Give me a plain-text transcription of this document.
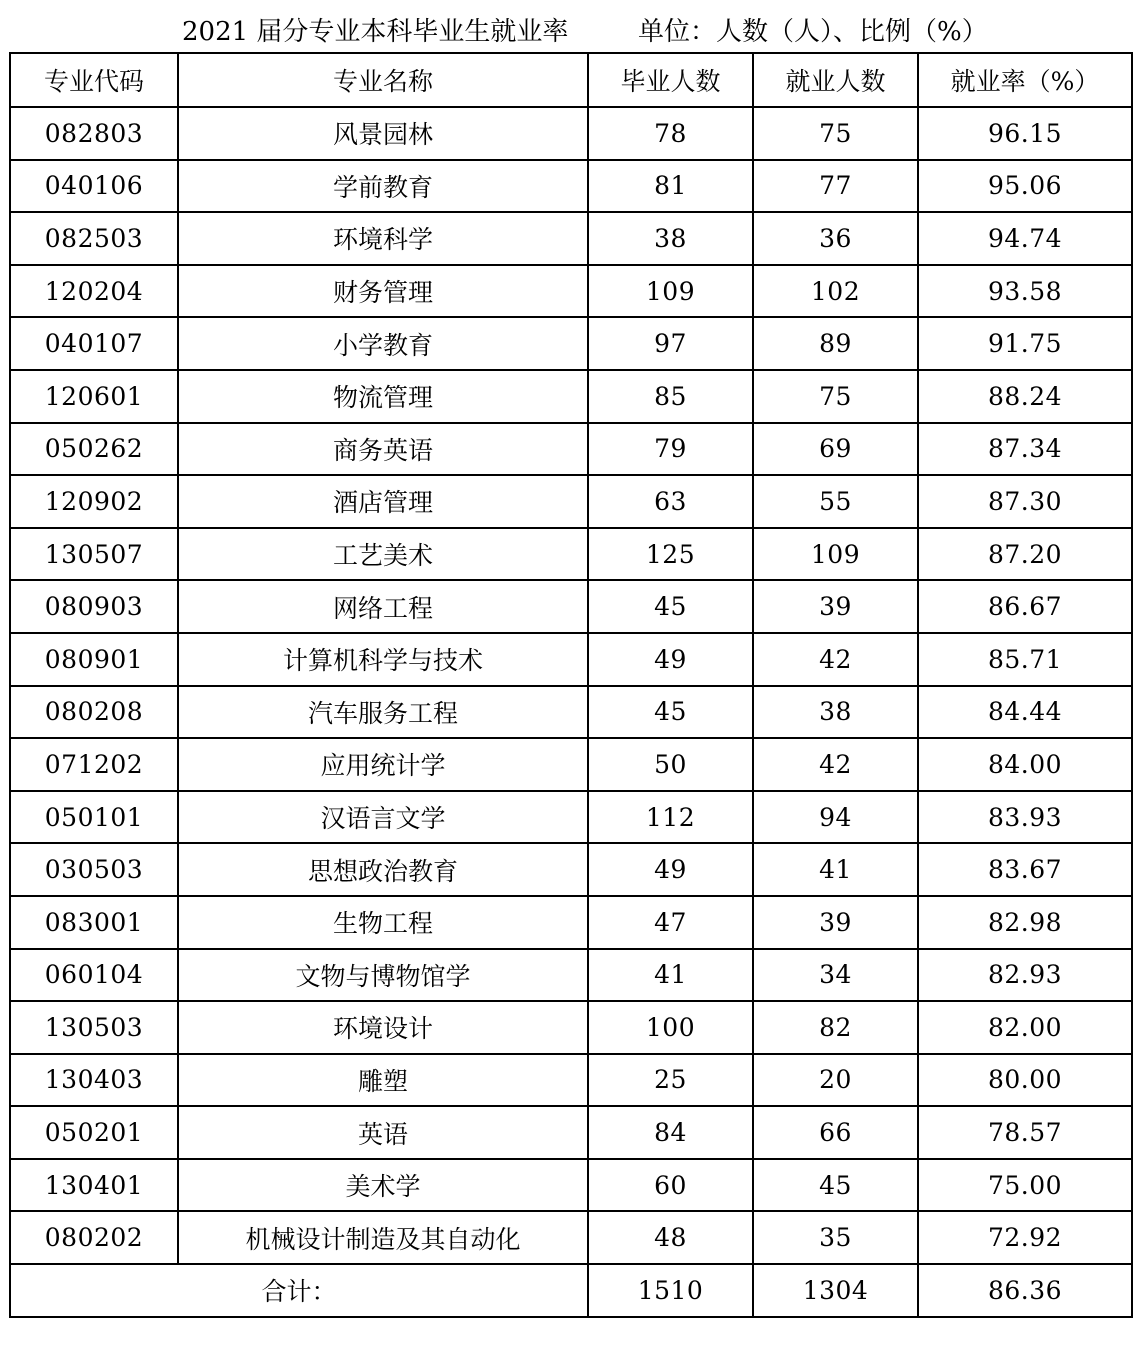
2021 届分专业本科毕业生就业率	单位：人数（人）、比例（%）
专业代码	专业名称	毕业人数	就业人数	就业率（%）
082803	风景园林	78	75	96.15
040106	学前教育	81	77	95.06
082503	环境科学	38	36	94.74
120204	财务管理	109	102	93.58
040107	小学教育	97	89	91.75
120601	物流管理	85	75	88.24
050262	商务英语	79	69	87.34
120902	酒店管理	63	55	87.30
130507	工艺美术	125	109	87.20
080903	网络工程	45	39	86.67
080901	计算机科学与技术	49	42	85.71
080208	汽车服务工程	45	38	84.44
071202	应用统计学	50	42	84.00
050101	汉语言文学	112	94	83.93
030503	思想政治教育	49	41	83.67
083001	生物工程	47	39	82.98
060104	文物与博物馆学	41	34	82.93
130503	环境设计	100	82	82.00
130403	雕塑	25	20	80.00
050201	英语	84	66	78.57
130401	美术学	60	45	75.00
080202	机械设计制造及其自动化	48	35	72.92
合计：		1510	1304	86.36
